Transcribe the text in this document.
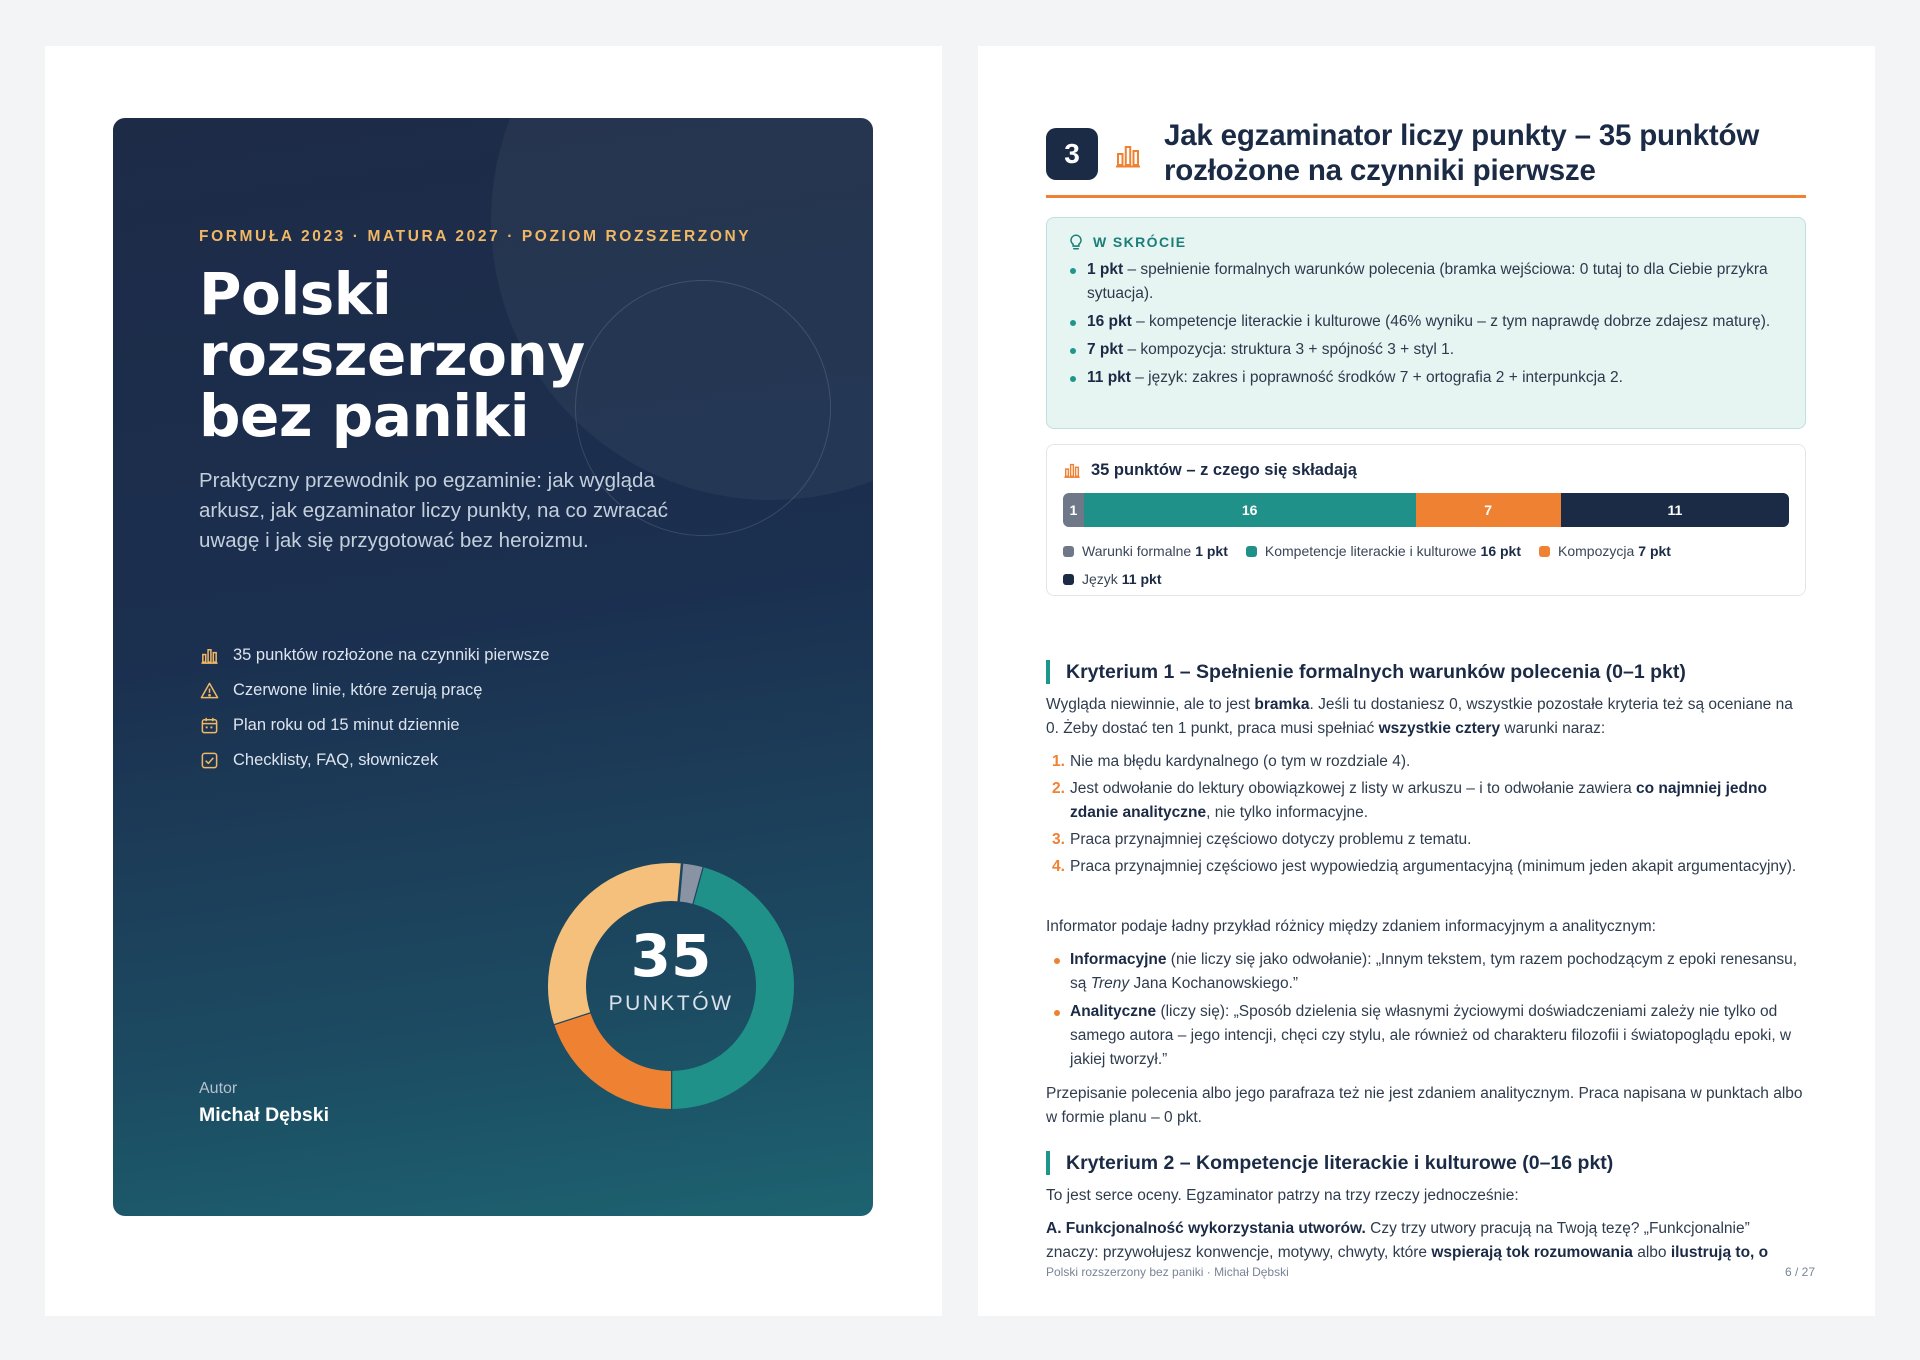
FORMUŁA 2023 · MATURA 2027 · POZIOM ROZSZERZONY
Polski
rozszerzony
bez paniki

Praktyczny przewodnik po egzaminie: jak wygląda arkusz, jak egzaminator liczy punkty, na co zwracać uwagę i jak się przygotować bez heroizmu.

35 punktów rozłożone na czynniki pierwsze
Czerwone linie, które zerują pracę
Plan roku od 15 minut dziennie
Checklisty, FAQ, słowniczek
35
PUNKTÓW
Autor
Michał Dębski
3
Jak egzaminator liczy punkty – 35 punktów rozłożone na czynniki pierwsze
W SKRÓCIE
1 pkt – spełnienie formalnych warunków polecenia (bramka wejściowa: 0 tutaj to dla Ciebie przykra sytuacja).
16 pkt – kompetencje literackie i kulturowe (46% wyniku – z tym naprawdę dobrze zdajesz maturę).
7 pkt – kompozycja: struktura 3 + spójność 3 + styl 1.
11 pkt – język: zakres i poprawność środków 7 + ortografia 2 + interpunkcja 2.
35 punktów – z czego się składają
1	16	7	11
Warunki formalne 1 pkt	Kompetencje literackie i kulturowe 16 pkt	Kompozycja 7 pkt
Język 11 pkt
Kryterium 1 – Spełnienie formalnych warunków polecenia (0–1 pkt)

Wygląda niewinnie, ale to jest bramka. Jeśli tu dostaniesz 0, wszystkie pozostałe kryteria też są oceniane na 0. Żeby dostać ten 1 punkt, praca musi spełniać wszystkie cztery warunki naraz:

1. Nie ma błędu kardynalnego (o tym w rozdziale 4).
2. Jest odwołanie do lektury obowiązkowej z listy w arkuszu – i to odwołanie zawiera co najmniej jedno zdanie analityczne, nie tylko informacyjne.
3. Praca przynajmniej częściowo dotyczy problemu z tematu.
4. Praca przynajmniej częściowo jest wypowiedzią argumentacyjną (minimum jeden akapit argumentacyjny).

Informator podaje ładny przykład różnicy między zdaniem informacyjnym a analitycznym:

Informacyjne (nie liczy się jako odwołanie): „Innym tekstem, tym razem pochodzącym z epoki renesansu, są Treny Jana Kochanowskiego.”
Analityczne (liczy się): „Sposób dzielenia się własnymi życiowymi doświadczeniami zależy nie tylko od samego autora – jego intencji, chęci czy stylu, ale również od charakteru filozofii i światopoglądu epoki, w jakiej tworzył.”

Przepisanie polecenia albo jego parafraza też nie jest zdaniem analitycznym. Praca napisana w punktach albo w formie planu – 0 pkt.

Kryterium 2 – Kompetencje literackie i kulturowe (0–16 pkt)

To jest serce oceny. Egzaminator patrzy na trzy rzeczy jednocześnie:

A. Funkcjonalność wykorzystania utworów. Czy trzy utwory pracują na Twoją tezę? „Funkcjonalnie” znaczy: przywołujesz konwencje, motywy, chwyty, które wspierają tok rozumowania albo ilustrują to, o

Polski rozszerzony bez paniki · Michał Dębski	6 / 27
